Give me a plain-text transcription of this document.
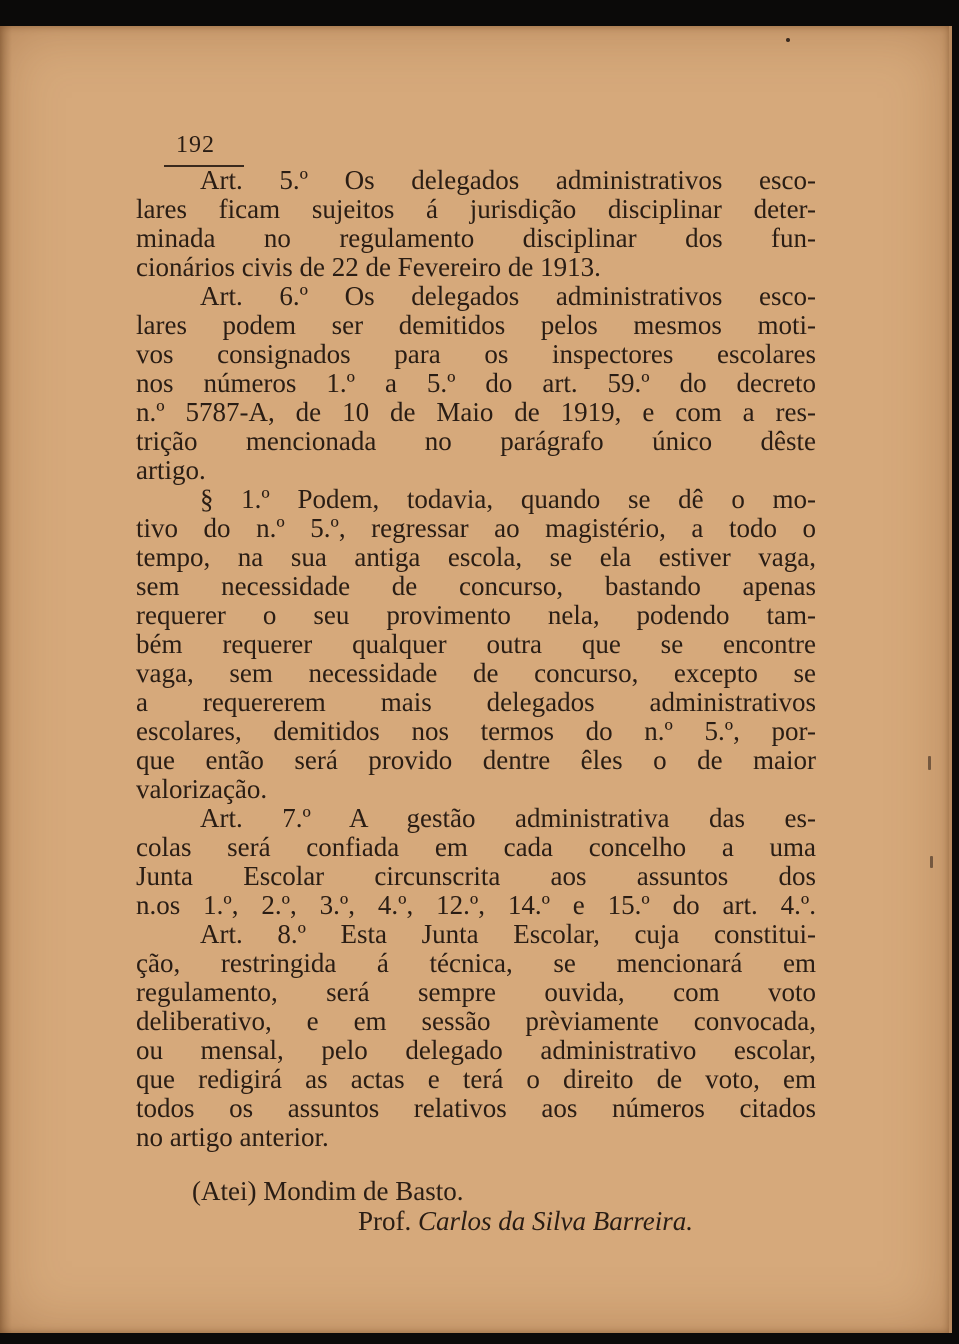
192
Art. 5.º Os delegados administrativos esco-
lares ficam sujeitos á jurisdição disciplinar deter-
minada no regulamento disciplinar dos fun-
cionários civis de 22 de Fevereiro de 1913.
Art. 6.º Os delegados administrativos esco-
lares podem ser demitidos pelos mesmos moti-
vos consignados para os inspectores escolares
nos números 1.º a 5.º do art. 59.º do decreto
n.º 5787-A, de 10 de Maio de 1919, e com a res-
trição mencionada no parágrafo único dêste
artigo.
§ 1.º Podem, todavia, quando se dê o mo-
tivo do n.º 5.º, regressar ao magistério, a todo o
tempo, na sua antiga escola, se ela estiver vaga,
sem necessidade de concurso, bastando apenas
requerer o seu provimento nela, podendo tam-
bém requerer qualquer outra que se encontre
vaga, sem necessidade de concurso, excepto se
a requererem mais delegados administrativos
escolares, demitidos nos termos do n.º 5.º, por-
que então será provido dentre êles o de maior
valorização.
Art. 7.º A gestão administrativa das es-
colas será confiada em cada concelho a uma
Junta Escolar circunscrita aos assuntos dos
n.os 1.º, 2.º, 3.º, 4.º, 12.º, 14.º e 15.º do art. 4.º.
Art. 8.º Esta Junta Escolar, cuja constitui-
ção, restringida á técnica, se mencionará em
regulamento, será sempre ouvida, com voto
deliberativo, e em sessão prèviamente convocada,
ou mensal, pelo delegado administrativo escolar,
que redigirá as actas e terá o direito de voto, em
todos os assuntos relativos aos números citados
no artigo anterior.
(Atei) Mondim de Basto.
Prof. Carlos da Silva Barreira.
